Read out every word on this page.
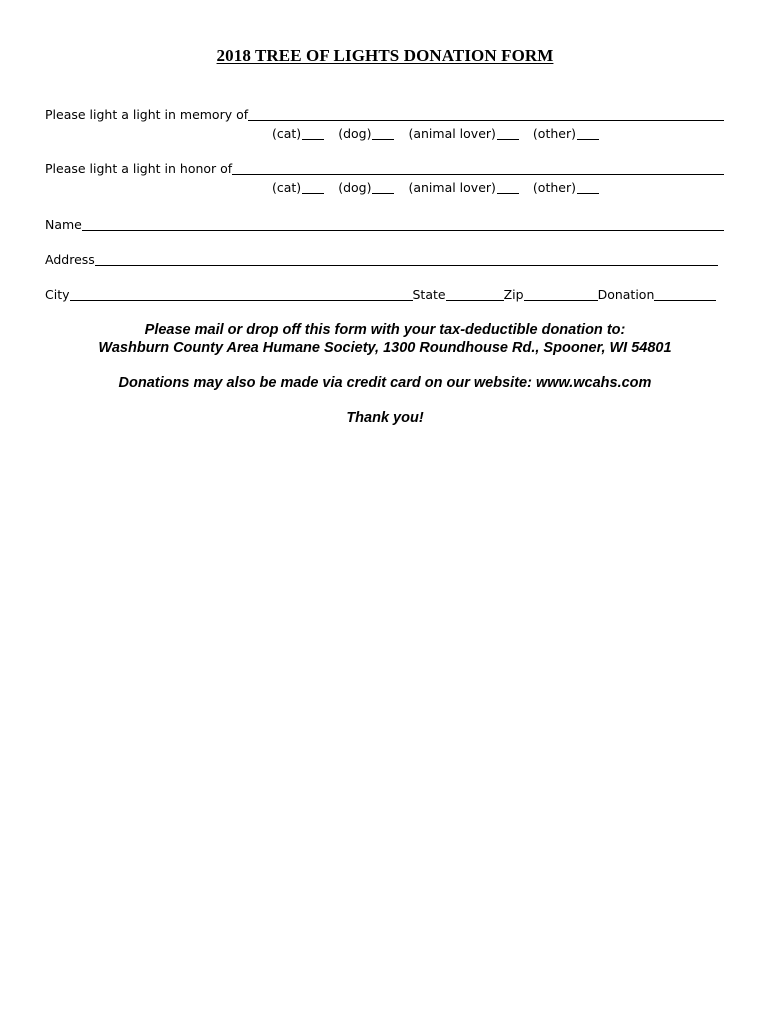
2018 TREE OF LIGHTS DONATION FORM
Please light a light in memory of
(cat)	(dog)	(animal lover)	(other)
Please light a light in honor of
(cat)	(dog)	(animal lover)	(other)
Name
Address
City	State	Zip	Donation
Please mail or drop off this form with your tax-deductible donation to:
Washburn County Area Humane Society, 1300 Roundhouse Rd., Spooner, WI 54801
Donations may also be made via credit card on our website: www.wcahs.com
Thank you!
